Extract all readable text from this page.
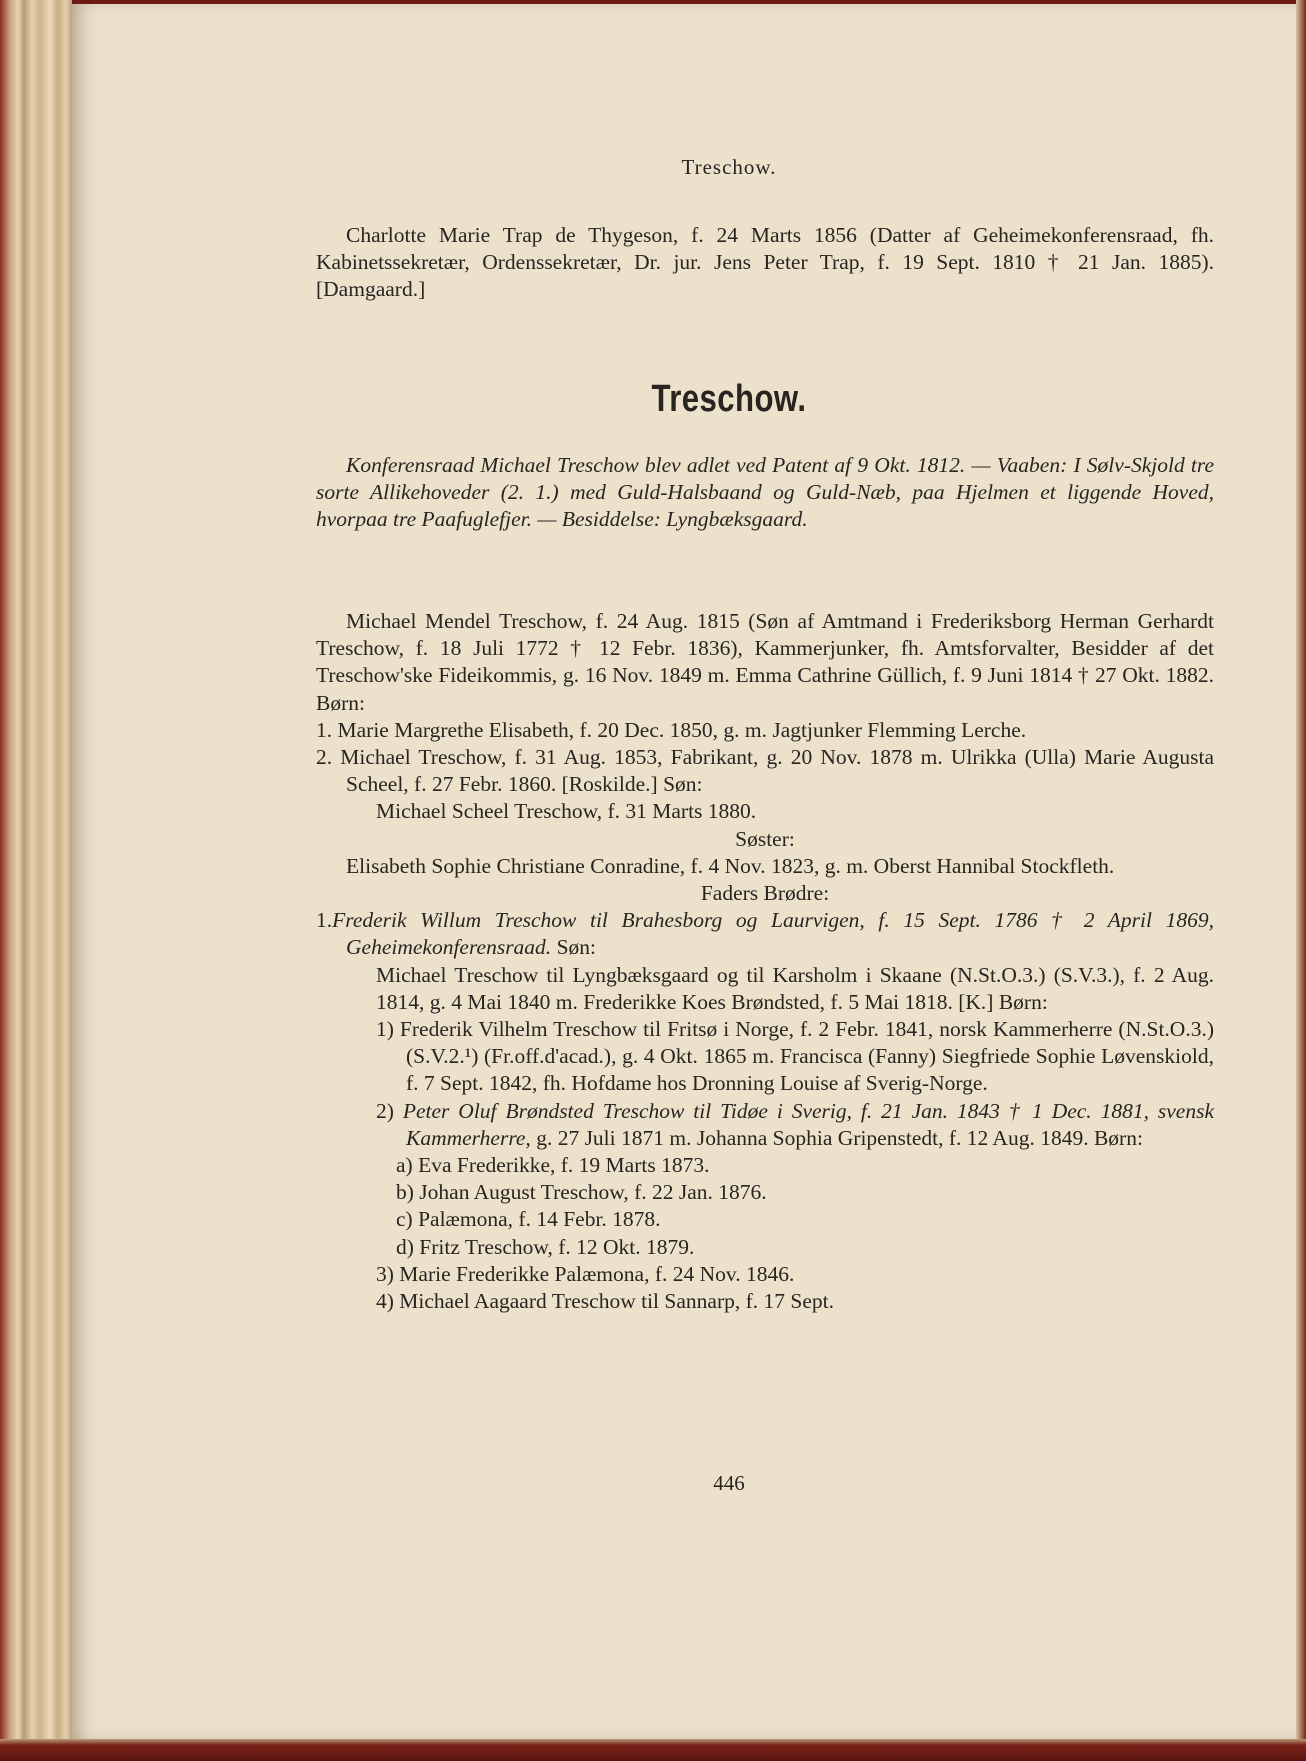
Treschow.

Charlotte Marie Trap de Thygeson, f. 24 Marts 1856 (Datter af Geheimekonferensraad, fh. Kabinetssekretær, Ordenssekretær, Dr. jur. Jens Peter Trap, f. 19 Sept. 1810 † 21 Jan. 1885). [Damgaard.]

Treschow.

Konferensraad Michael Treschow blev adlet ved Patent af 9 Okt. 1812. — Vaaben: I Sølv-Skjold tre sorte Allikehoveder (2. 1.) med Guld-Halsbaand og Guld-Næb, paa Hjelmen et liggende Hoved, hvorpaa tre Paafuglefjer. — Besiddelse: Lyngbæksgaard.

Michael Mendel Treschow, f. 24 Aug. 1815 (Søn af Amtmand i Frederiksborg Herman Gerhardt Treschow, f. 18 Juli 1772 † 12 Febr. 1836), Kammerjunker, fh. Amtsforvalter, Besidder af det Treschow'ske Fideikommis, g. 16 Nov. 1849 m. Emma Cathrine Güllich, f. 9 Juni 1814 † 27 Okt. 1882. Børn:

1. Marie Margrethe Elisabeth, f. 20 Dec. 1850, g. m. Jagtjunker Flemming Lerche.

2. Michael Treschow, f. 31 Aug. 1853, Fabrikant, g. 20 Nov. 1878 m. Ulrikka (Ulla) Marie Augusta Scheel, f. 27 Febr. 1860. [Roskilde.] Søn:

Michael Scheel Treschow, f. 31 Marts 1880.

Søster:

Elisabeth Sophie Christiane Conradine, f. 4 Nov. 1823, g. m. Oberst Hannibal Stockfleth.

Faders Brødre:

1.Frederik Willum Treschow til Brahesborg og Laurvigen, f. 15 Sept. 1786 † 2 April 1869, Geheimekonferensraad. Søn:

Michael Treschow til Lyngbæksgaard og til Karsholm i Skaane (N.St.O.3.) (S.V.3.), f. 2 Aug. 1814, g. 4 Mai 1840 m. Frederikke Koes Brøndsted, f. 5 Mai 1818. [K.] Børn:

1) Frederik Vilhelm Treschow til Fritsø i Norge, f. 2 Febr. 1841, norsk Kammerherre (N.St.O.3.) (S.V.2.¹) (Fr.off.d'acad.), g. 4 Okt. 1865 m. Francisca (Fanny) Siegfriede Sophie Løvenskiold, f. 7 Sept. 1842, fh. Hofdame hos Dronning Louise af Sverig-Norge.

2) Peter Oluf Brøndsted Treschow til Tidøe i Sverig, f. 21 Jan. 1843 † 1 Dec. 1881, svensk Kammerherre, g. 27 Juli 1871 m. Johanna Sophia Gripenstedt, f. 12 Aug. 1849. Børn:

a) Eva Frederikke, f. 19 Marts 1873.

b) Johan August Treschow, f. 22 Jan. 1876.

c) Palæmona, f. 14 Febr. 1878.

d) Fritz Treschow, f. 12 Okt. 1879.

3) Marie Frederikke Palæmona, f. 24 Nov. 1846.

4) Michael Aagaard Treschow til Sannarp, f. 17 Sept.

446
